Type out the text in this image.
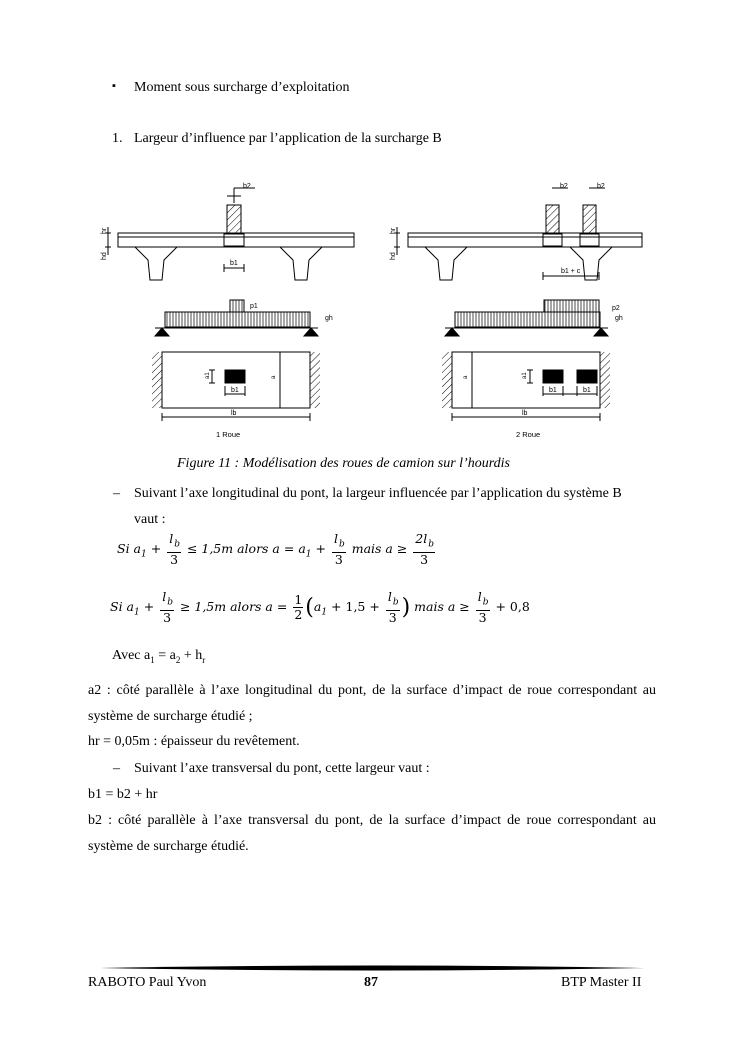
▪ Moment sous surcharge d’exploitation
1. Largeur d’influence par l’application de la surcharge B
b2
hr
hd
b1
p1
gh
a1	a
b1
lb
1 Roue
b2	b2
hr
hd
b1 + c
p2
gh
a	a1
b1	b1
lb
2 Roue
Figure 11 : Modélisation des roues de camion sur l’hourdis
– Suivant l’axe longitudinal du pont, la largeur influencée par l’application du système B
vaut :
Si $a_1 + \frac{l_b}{3} \le 1,5m$ alors $a = a_1 + \frac{l_b}{3}$ mais $a \ge \frac{2l_b}{3}$
Si $a_1 + \frac{l_b}{3} \ge 1,5m$ alors $a = \frac{1}{2} (a_1 + 1,5 + \frac{l_b}{3}$ ) mais $a \ge \frac{l_b}{3} + 0,8$
Avec $a_1 = a_2 + h_r$
a2 : côté parallèle à l’axe longitudinal du pont, de la surface d’impact de roue correspondant au système de surcharge étudié ;
hr = 0,05m : épaisseur du revêtement.
– Suivant l’axe transversal du pont, cette largeur vaut :
b1 = b2 + hr
b2 : côté parallèle à l’axe transversal du pont, de la surface d’impact de roue correspondant au système de surcharge étudié.
RABOTO Paul Yvon	87	BTP Master II
